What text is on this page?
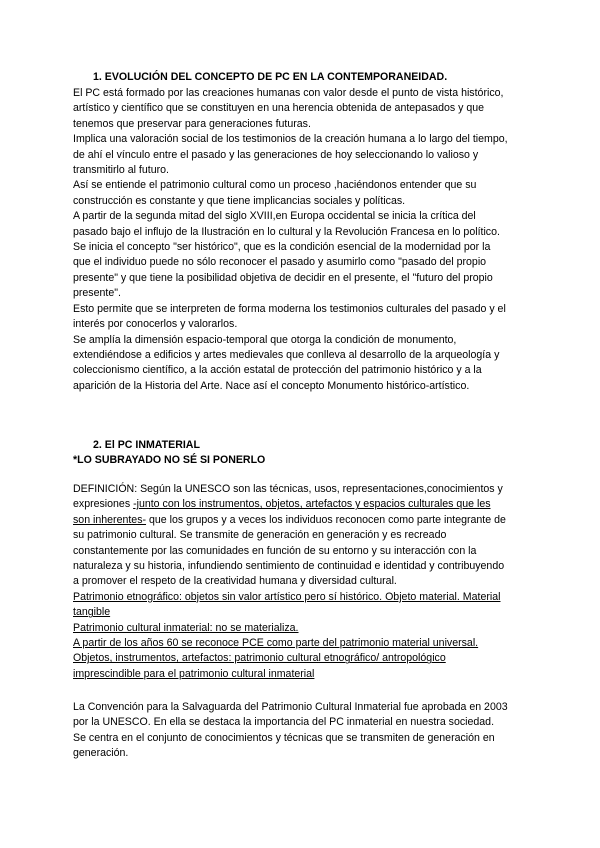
1. EVOLUCIÓN DEL CONCEPTO DE PC EN LA CONTEMPORANEIDAD.
El PC está formado por las creaciones humanas con valor desde el punto de vista histórico,
artístico y científico que se constituyen en una herencia obtenida de antepasados y que
tenemos que preservar para generaciones futuras.
Implica una valoración social de los testimonios de la creación humana a lo largo del tiempo,
de ahí el vínculo entre el pasado y las generaciones de hoy seleccionando lo valioso y
transmitirlo al futuro.
Así se entiende el patrimonio cultural como un proceso ,haciéndonos entender que su
construcción es constante y que tiene implicancias sociales y políticas.
A partir de la segunda mitad del siglo XVIII,en Europa occidental se inicia la crítica del
pasado bajo el influjo de la Ilustración en lo cultural y la Revolución Francesa en lo político.
Se inicia el concepto "ser histórico", que es la condición esencial de la modernidad por la
que el individuo puede no sólo reconocer el pasado y asumirlo como "pasado del propio
presente" y que tiene la posibilidad objetiva de decidir en el presente, el "futuro del propio
presente".
Esto permite que se interpreten de forma moderna los testimonios culturales del pasado y el
interés por conocerlos y valorarlos.
Se amplía la dimensión espacio-temporal que otorga la condición de monumento,
extendiéndose a edificios y artes medievales que conlleva al desarrollo de la arqueología y
coleccionismo científico, a la acción estatal de protección del patrimonio histórico y a la
aparición de la Historia del Arte. Nace así el concepto Monumento histórico-artístico.
2. El PC INMATERIAL
*LO SUBRAYADO NO SÉ SI PONERLO
DEFINICIÓN: Según la UNESCO son las técnicas, usos, representaciones,conocimientos y
expresiones -junto con los instrumentos, objetos, artefactos y espacios culturales que les
son inherentes- que los grupos y a veces los individuos reconocen como parte integrante de
su patrimonio cultural. Se transmite de generación en generación y es recreado
constantemente por las comunidades en función de su entorno y su interacción con la
naturaleza y su historia, infundiendo sentimiento de continuidad e identidad y contribuyendo
a promover el respeto de la creatividad humana y diversidad cultural.
Patrimonio etnográfico: objetos sin valor artístico pero sí histórico. Objeto material. Material
tangible
Patrimonio cultural inmaterial: no se materializa.
A partir de los años 60 se reconoce PCE como parte del patrimonio material universal.
Objetos, instrumentos, artefactos: patrimonio cultural etnográfico/ antropológico
imprescindible para el patrimonio cultural inmaterial
La Convención para la Salvaguarda del Patrimonio Cultural Inmaterial fue aprobada en 2003
por la UNESCO. En ella se destaca la importancia del PC inmaterial en nuestra sociedad.
Se centra en el conjunto de conocimientos y técnicas que se transmiten de generación en
generación.
